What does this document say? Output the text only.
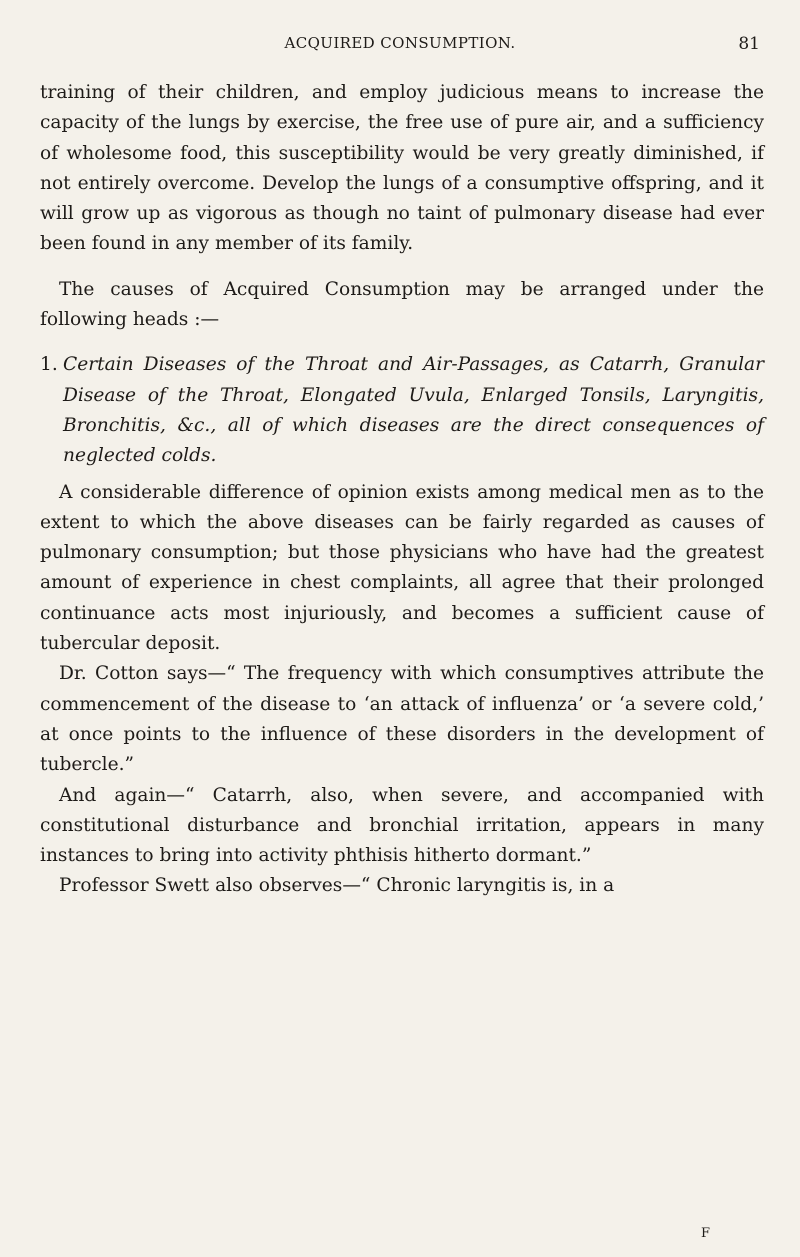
ACQUIRED CONSUMPTION.	81

training of their children, and employ judicious means to increase the capacity of the lungs by exercise, the free use of pure air, and a sufficiency of wholesome food, this susceptibility would be very greatly diminished, if not entirely overcome. Develop the lungs of a consumptive offspring, and it will grow up as vigorous as though no taint of pulmonary disease had ever been found in any member of its family.

The causes of Acquired Consumption may be arranged under the following heads :—

1. Certain Diseases of the Throat and Air-Passages, as Catarrh, Granular Disease of the Throat, Elongated Uvula, Enlarged Tonsils, Laryngitis, Bronchitis, &c., all of which diseases are the direct consequences of neglected colds.

A considerable difference of opinion exists among medical men as to the extent to which the above diseases can be fairly regarded as causes of pulmonary consumption; but those physicians who have had the greatest amount of experience in chest complaints, all agree that their prolonged continuance acts most injuriously, and becomes a sufficient cause of tubercular deposit.

Dr. Cotton says—“ The frequency with which consumptives attribute the commencement of the disease to ‘an attack of influenza’ or ‘a severe cold,’ at once points to the influence of these disorders in the development of tubercle.”

And again—“ Catarrh, also, when severe, and accompanied with constitutional disturbance and bronchial irritation, appears in many instances to bring into activity phthisis hitherto dormant.”

Professor Swett also observes—“ Chronic laryngitis is, in a

F
